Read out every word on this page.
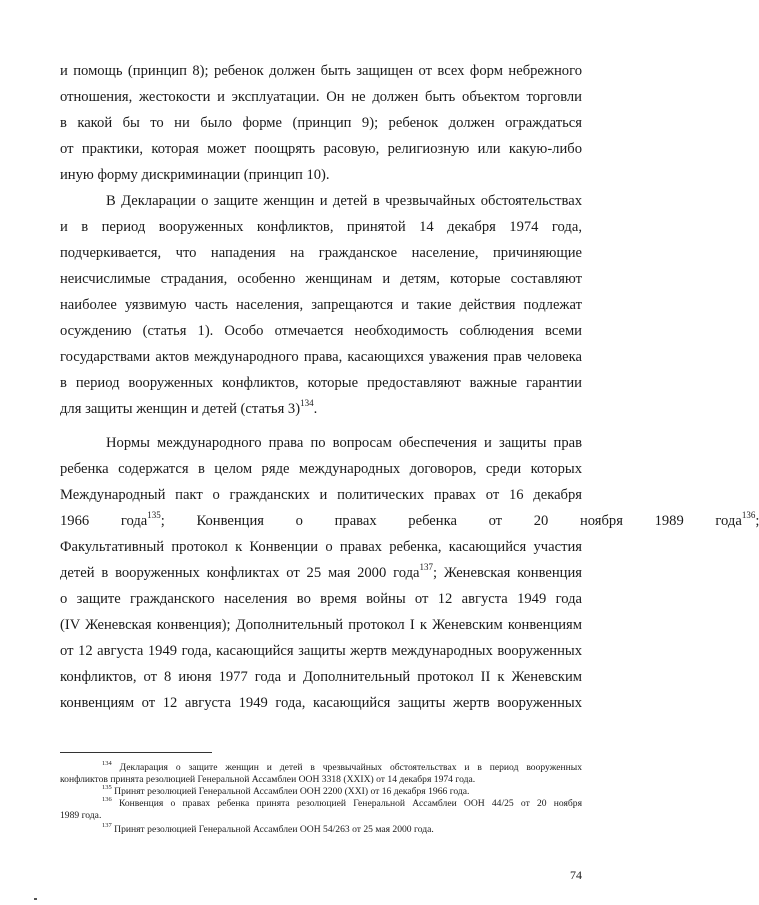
и помощь (принцип 8); ребенок должен быть защищен от всех форм небрежного
отношения, жестокости и эксплуатации. Он не должен быть объектом торговли
в какой бы то ни было форме (принцип 9); ребенок должен ограждаться
от практики, которая может поощрять расовую, религиозную или какую-либо
иную форму дискриминации (принцип 10).
В Декларации о защите женщин и детей в чрезвычайных обстоятельствах
и в период вооруженных конфликтов, принятой 14 декабря 1974 года,
подчеркивается, что нападения на гражданское население, причиняющие
неисчислимые страдания, особенно женщинам и детям, которые составляют
наиболее уязвимую часть населения, запрещаются и такие действия подлежат
осуждению (статья 1). Особо отмечается необходимость соблюдения всеми
государствами актов международного права, касающихся уважения прав человека
в период вооруженных конфликтов, которые предоставляют важные гарантии
для защиты женщин и детей (статья 3)$^{134}$.
Нормы международного права по вопросам обеспечения и защиты прав
ребенка содержатся в целом ряде международных договоров, среди которых
Международный пакт о гражданских и политических правах от 16 декабря
1966 года$^{135}$; Конвенция о правах ребенка от 20 ноября 1989 года$^{136}$;
Факультативный протокол к Конвенции о правах ребенка, касающийся участия
детей в вооруженных конфликтах от 25 мая 2000 года$^{137}$; Женевская конвенция
о защите гражданского населения во время войны от 12 августа 1949 года
(IV Женевская конвенция); Дополнительный протокол I к Женевским конвенциям
от 12 августа 1949 года, касающийся защиты жертв международных вооруженных
конфликтов, от 8 июня 1977 года и Дополнительный протокол II к Женевским
конвенциям от 12 августа 1949 года, касающийся защиты жертв вооруженных
$^{134}$ Декларация о защите женщин и детей в чрезвычайных обстоятельствах и в период вооруженных
конфликтов принята резолюцией Генеральной Ассамблеи ООН 3318 (XXIX) от 14 декабря 1974 года.
$^{135}$ Принят резолюцией Генеральной Ассамблеи ООН 2200 (XXI) от 16 декабря 1966 года.
$^{136}$ Конвенция о правах ребенка принята резолюцией Генеральной Ассамблеи ООН 44/25 от 20 ноября
1989 года.
$^{137}$ Принят резолюцией Генеральной Ассамблеи ООН 54/263 от 25 мая 2000 года.
74
